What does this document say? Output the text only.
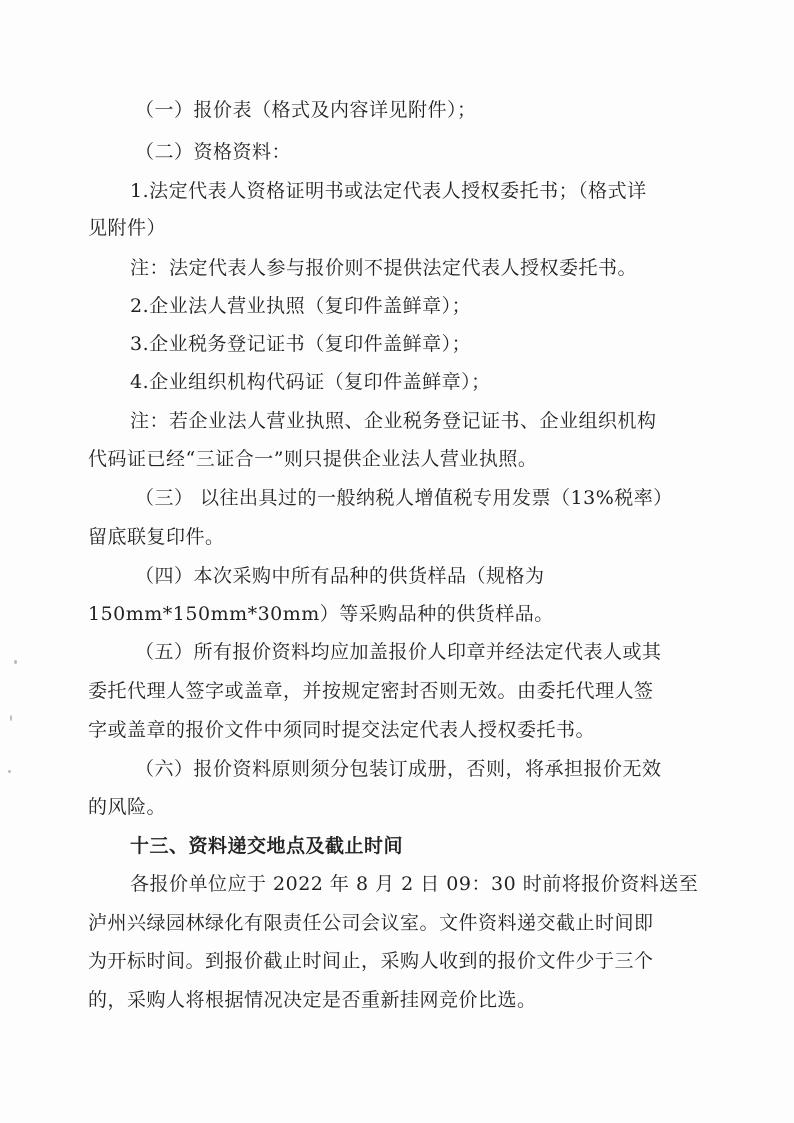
（一）报价表（格式及内容详见附件）；
（二）资格资料：
1.法定代表人资格证明书或法定代表人授权委托书；（格式详
见附件）
注：法定代表人参与报价则不提供法定代表人授权委托书。
2.企业法人营业执照（复印件盖鲜章）；
3.企业税务登记证书（复印件盖鲜章）；
4.企业组织机构代码证（复印件盖鲜章）；
注：若企业法人营业执照、企业税务登记证书、企业组织机构
代码证已经“三证合一”则只提供企业法人营业执照。
（三） 以往出具过的一般纳税人增值税专用发票（13%税率）
留底联复印件。
（四）本次采购中所有品种的供货样品（规格为
150mm*150mm*30mm）等采购品种的供货样品。
（五）所有报价资料均应加盖报价人印章并经法定代表人或其
委托代理人签字或盖章，并按规定密封否则无效。由委托代理人签
字或盖章的报价文件中须同时提交法定代表人授权委托书。
（六）报价资料原则须分包装订成册，否则，将承担报价无效
的风险。
十三、资料递交地点及截止时间
各报价单位应于 2022 年 8 月 2 日 09：30 时前将报价资料送至
泸州兴绿园林绿化有限责任公司会议室。文件资料递交截止时间即
为开标时间。到报价截止时间止，采购人收到的报价文件少于三个
的，采购人将根据情况决定是否重新挂网竞价比选。
